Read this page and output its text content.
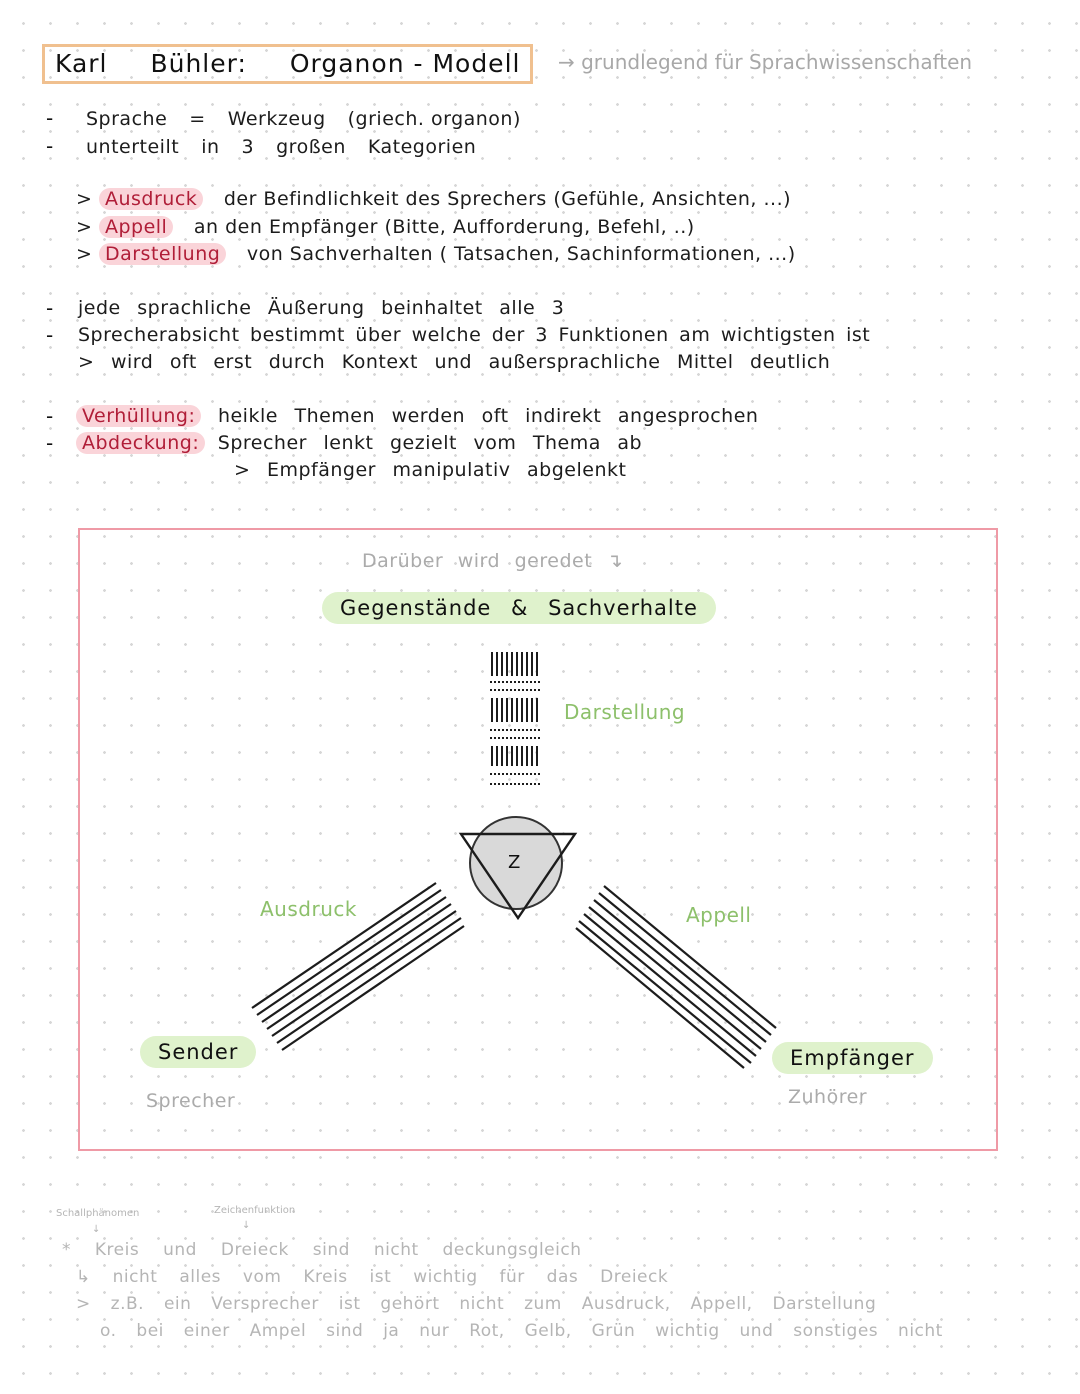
Karl Bühler: Organon - Modell	→ grundlegend für Sprachwissenschaften
- Sprache = Werkzeug (griech. organon)
- unterteilt in 3 großen Kategorien
> Ausdruck der Befindlichkeit des Sprechers (Gefühle, Ansichten, ...)
> Appell an den Empfänger (Bitte, Aufforderung, Befehl, ..)
> Darstellung von Sachverhalten ( Tatsachen, Sachinformationen, ...)
- jede sprachliche Äußerung beinhaltet alle 3
- Sprecherabsicht bestimmt über welche der 3 Funktionen am wichtigsten ist
> wird oft erst durch Kontext und außersprachliche Mittel deutlich
-	Verhüllung: heikle Themen werden oft indirekt angesprochen
-	Abdeckung: Sprecher lenkt gezielt vom Thema ab
> Empfänger manipulativ abgelenkt
Darüber wird geredet ↴
Gegenstände & Sachverhalte
Darstellung
Z
Ausdruck	Appell
Sender
Sprecher
Empfänger
Zuhörer
Schallphänomen	Zeichenfunktion
↓	↓
* Kreis und Dreieck sind nicht deckungsgleich
↳ nicht alles vom Kreis ist wichtig für das Dreieck
> z.B. ein Versprecher ist gehört nicht zum Ausdruck, Appell, Darstellung
o. bei einer Ampel sind ja nur Rot, Gelb, Grün wichtig und sonstiges nicht
